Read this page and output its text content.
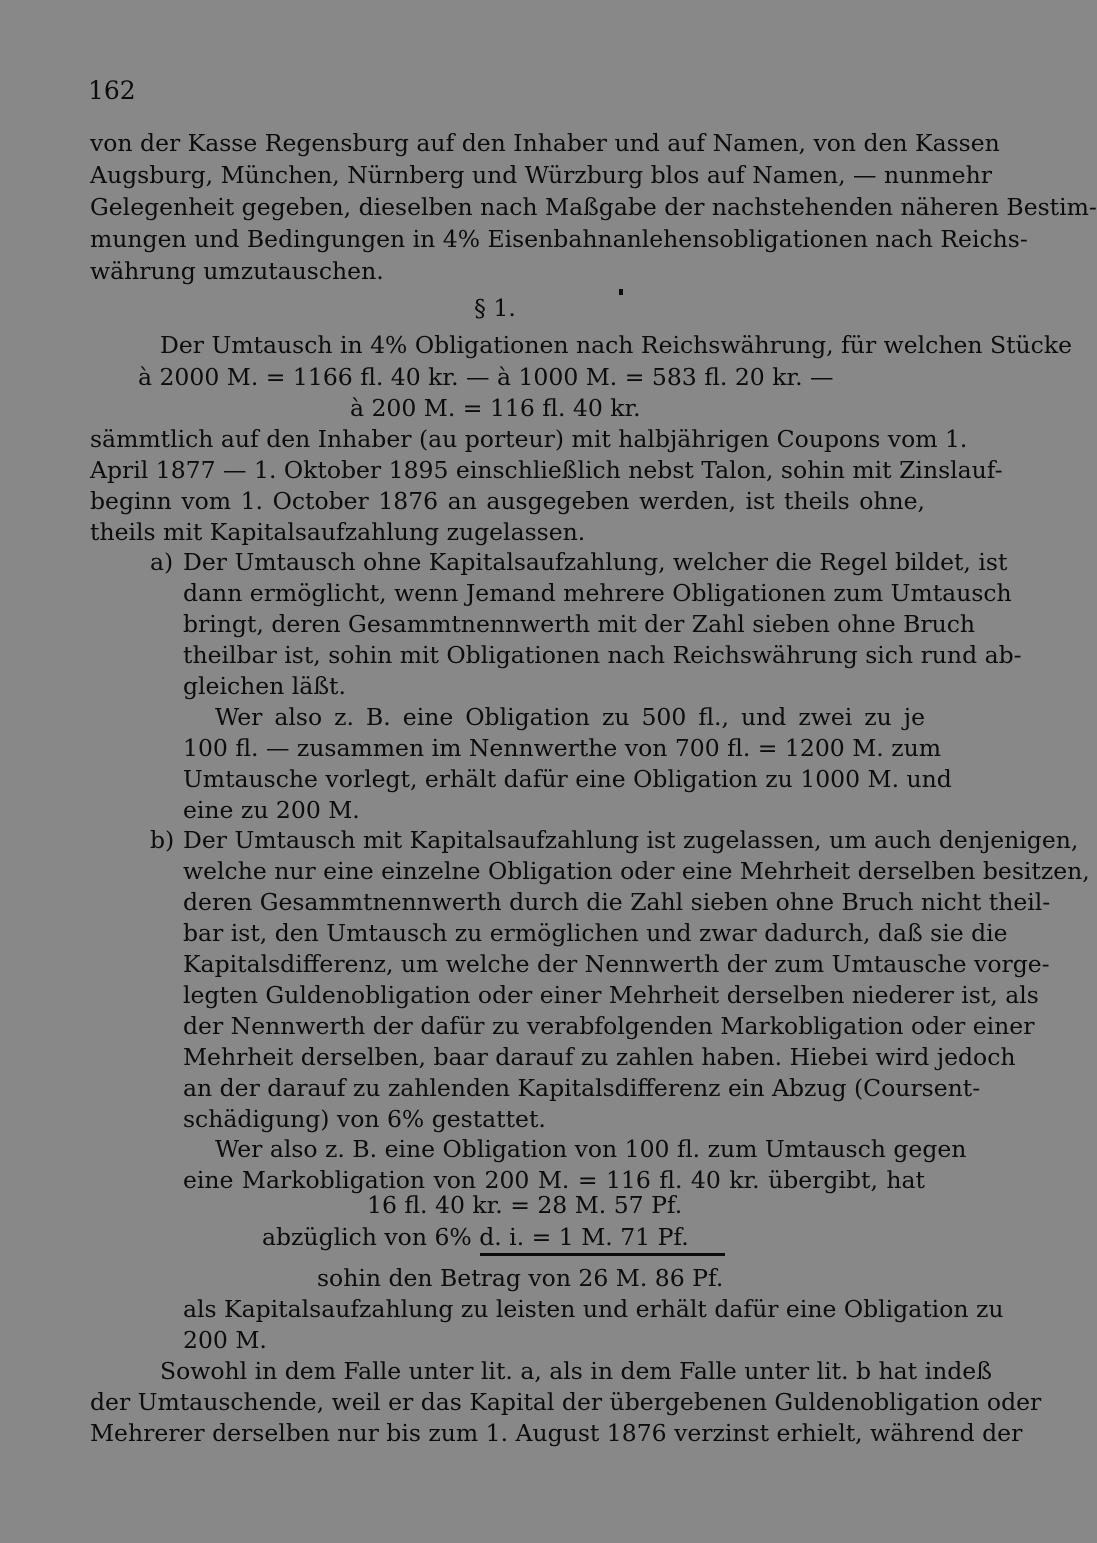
162
von der Kasse Regensburg auf den Inhaber und auf Namen, von den Kassen
Augsburg, München, Nürnberg und Würzburg blos auf Namen, — nunmehr
Gelegenheit gegeben, dieselben nach Maßgabe der nachstehenden näheren Bestim-
mungen und Bedingungen in 4% Eisenbahnanlehensobligationen nach Reichs-
währung umzutauschen.
§ 1.
Der Umtausch in 4% Obligationen nach Reichswährung, für welchen Stücke
à 2000 M. = 1166 fl. 40 kr. — à 1000 M. = 583 fl. 20 kr. —
à 200 M. = 116 fl. 40 kr.
sämmtlich auf den Inhaber (au porteur) mit halbjährigen Coupons vom 1.
April 1877 — 1. Oktober 1895 einschließlich nebst Talon, sohin mit Zinslauf-
beginn vom 1. October 1876 an ausgegeben werden, ist theils ohne,
theils mit Kapitalsaufzahlung zugelassen.
a) Der Umtausch ohne Kapitalsaufzahlung, welcher die Regel bildet, ist
dann ermöglicht, wenn Jemand mehrere Obligationen zum Umtausch
bringt, deren Gesammtnennwerth mit der Zahl sieben ohne Bruch
theilbar ist, sohin mit Obligationen nach Reichswährung sich rund ab-
gleichen läßt.
Wer also z. B. eine Obligation zu 500 fl., und zwei zu je
100 fl. — zusammen im Nennwerthe von 700 fl. = 1200 M. zum
Umtausche vorlegt, erhält dafür eine Obligation zu 1000 M. und
eine zu 200 M.
b) Der Umtausch mit Kapitalsaufzahlung ist zugelassen, um auch denjenigen,
welche nur eine einzelne Obligation oder eine Mehrheit derselben besitzen,
deren Gesammtnennwerth durch die Zahl sieben ohne Bruch nicht theil-
bar ist, den Umtausch zu ermöglichen und zwar dadurch, daß sie die
Kapitalsdifferenz, um welche der Nennwerth der zum Umtausche vorge-
legten Guldenobligation oder einer Mehrheit derselben niederer ist, als
der Nennwerth der dafür zu verabfolgenden Markobligation oder einer
Mehrheit derselben, baar darauf zu zahlen haben. Hiebei wird jedoch
an der darauf zu zahlenden Kapitalsdifferenz ein Abzug (Coursent-
schädigung) von 6% gestattet.
Wer also z. B. eine Obligation von 100 fl. zum Umtausch gegen
eine Markobligation von 200 M. = 116 fl. 40 kr. übergibt, hat
16 fl. 40 kr. = 28 M. 57 Pf.
abzüglich von 6% d. i. = 1 M. 71 Pf.
sohin den Betrag von 26 M. 86 Pf.
als Kapitalsaufzahlung zu leisten und erhält dafür eine Obligation zu
200 M.
Sowohl in dem Falle unter lit. a, als in dem Falle unter lit. b hat indeß
der Umtauschende, weil er das Kapital der übergebenen Guldenobligation oder
Mehrerer derselben nur bis zum 1. August 1876 verzinst erhielt, während der
